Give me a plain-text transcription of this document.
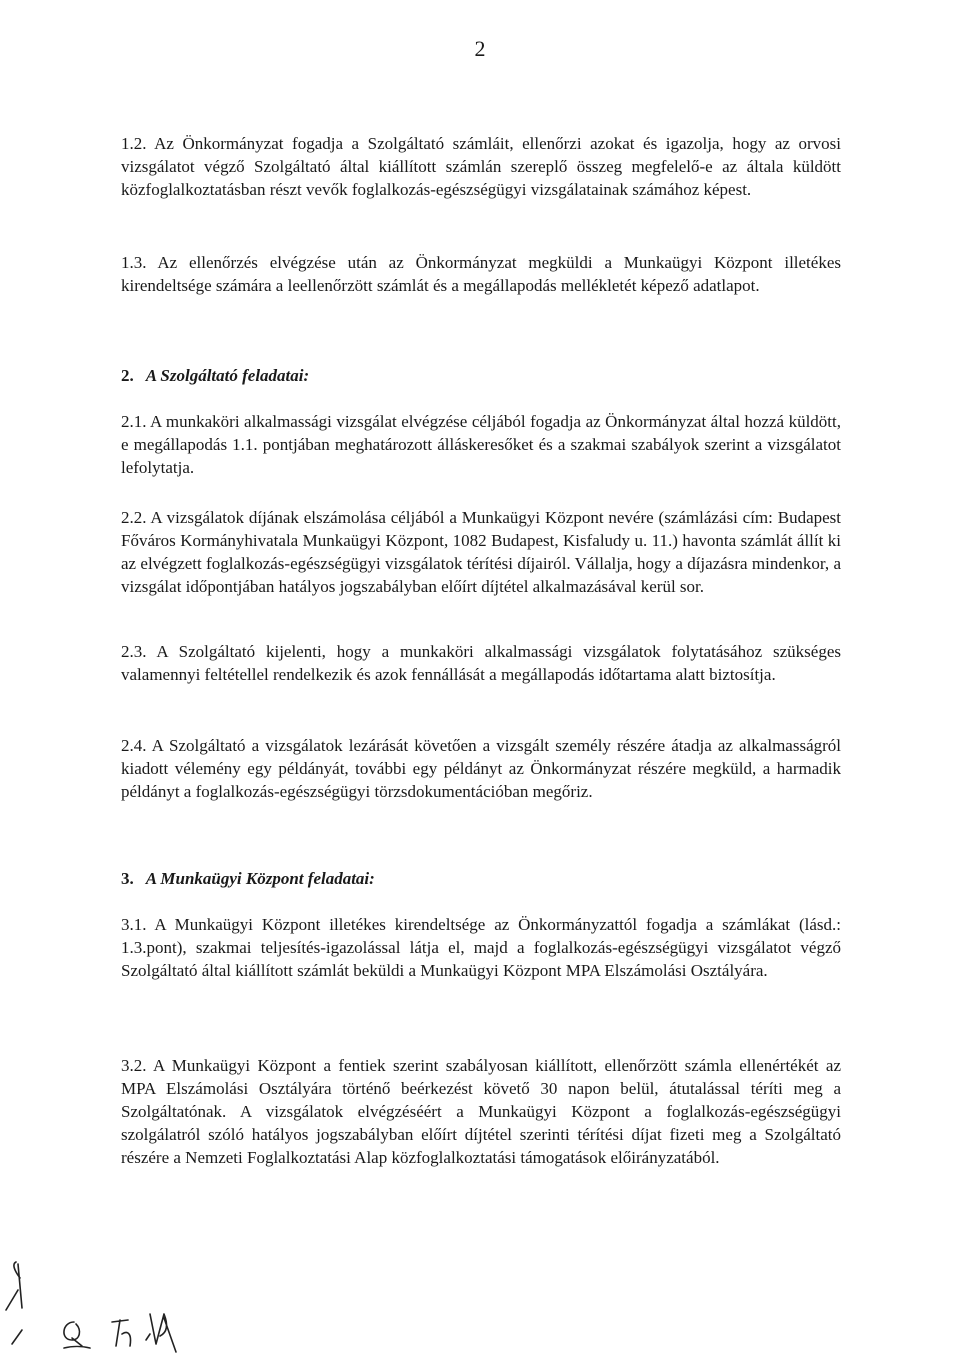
2
1.2. Az Önkormányzat fogadja a Szolgáltató számláit, ellenőrzi azokat és igazolja, hogy az orvosi vizsgálatot végző Szolgáltató által kiállított számlán szereplő összeg megfelelő-e az általa küldött közfoglalkoztatásban részt vevők foglalkozás-egészségügyi vizsgálatainak számához képest.
1.3. Az ellenőrzés elvégzése után az Önkormányzat megküldi a Munkaügyi Központ illetékes kirendeltsége számára a leellenőrzött számlát és a megállapodás mellékletét képező adatlapot.
2. A Szolgáltató feladatai:
2.1. A munkaköri alkalmassági vizsgálat elvégzése céljából fogadja az Önkormányzat által hozzá küldött, e megállapodás 1.1. pontjában meghatározott álláskeresőket és a szakmai szabályok szerint a vizsgálatot lefolytatja.
2.2. A vizsgálatok díjának elszámolása céljából a Munkaügyi Központ nevére (számlázási cím: Budapest Főváros Kormányhivatala Munkaügyi Központ, 1082 Budapest, Kisfaludy u. 11.) havonta számlát állít ki az elvégzett foglalkozás-egészségügyi vizsgálatok térítési díjairól. Vállalja, hogy a díjazásra mindenkor, a vizsgálat időpontjában hatályos jogszabályban előírt díjtétel alkalmazásával kerül sor.
2.3. A Szolgáltató kijelenti, hogy a munkaköri alkalmassági vizsgálatok folytatásához szükséges valamennyi feltétellel rendelkezik és azok fennállását a megállapodás időtartama alatt biztosítja.
2.4. A Szolgáltató a vizsgálatok lezárását követően a vizsgált személy részére átadja az alkalmasságról kiadott vélemény egy példányát, további egy példányt az Önkormányzat részére megküld, a harmadik példányt a foglalkozás-egészségügyi törzsdokumentációban megőriz.
3. A Munkaügyi Központ feladatai:
3.1. A Munkaügyi Központ illetékes kirendeltsége az Önkormányzattól fogadja a számlákat (lásd.: 1.3.pont), szakmai teljesítés-igazolással látja el, majd a foglalkozás-egészségügyi vizsgálatot végző Szolgáltató által kiállított számlát beküldi a Munkaügyi Központ MPA Elszámolási Osztályára.
3.2. A Munkaügyi Központ a fentiek szerint szabályosan kiállított, ellenőrzött számla ellenértékét az MPA Elszámolási Osztályára történő beérkezést követő 30 napon belül, átutalással téríti meg a Szolgáltatónak. A vizsgálatok elvégzéséért a Munkaügyi Központ a foglalkozás-egészségügyi szolgálatról szóló hatályos jogszabályban előírt díjtétel szerinti térítési díjat fizeti meg a Szolgáltató részére a Nemzeti Foglalkoztatási Alap közfoglalkoztatási támogatások előirányzatából.
